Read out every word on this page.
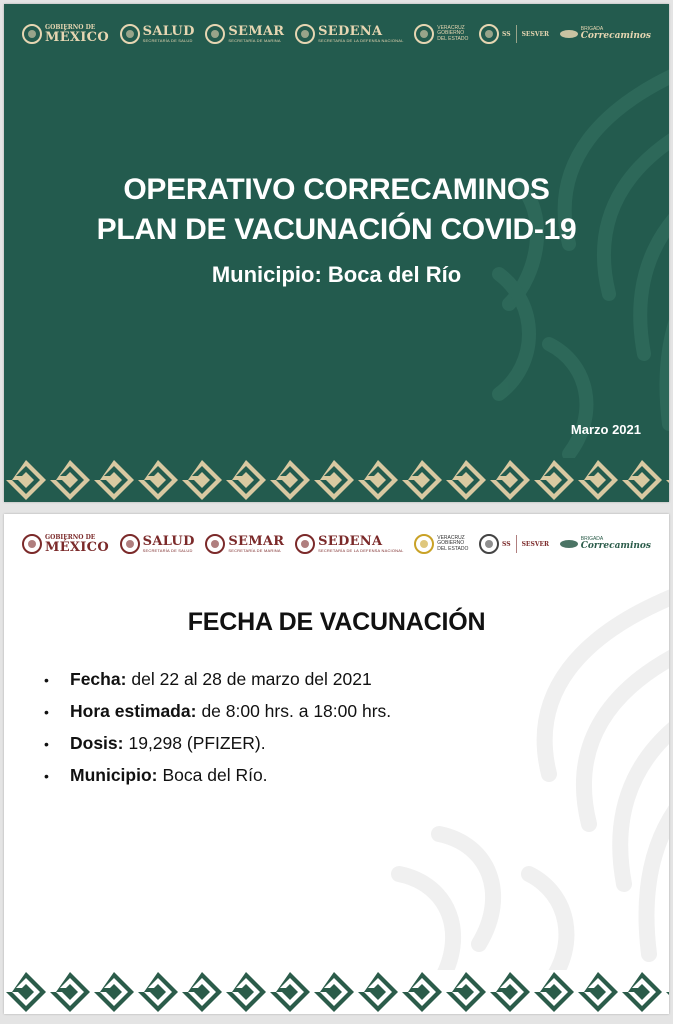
GOBIERNO DE
MÉXICO	SALUD
SECRETARÍA DE SALUD
SEMAR
SECRETARÍA DE MARINA
SEDENA
SECRETARÍA DE LA DEFENSA NACIONAL
VERACRUZ
GOBIERNO
DEL ESTADO
SS SESVER
BRIGADA
Correcaminos
OPERATIVO CORRECAMINOS
PLAN DE VACUNACIÓN COVID-19
Municipio: Boca del Río
Marzo 2021
GOBIERNO DE
MÉXICO	SALUD
SECRETARÍA DE SALUD
SEMAR
SECRETARÍA DE MARINA
SEDENA
SECRETARÍA DE LA DEFENSA NACIONAL
VERACRUZ
GOBIERNO
DEL ESTADO
SS SESVER
BRIGADA
Correcaminos
FECHA DE VACUNACIÓN
•	Fecha: del 22 al 28 de marzo del 2021
•	Hora estimada: de 8:00 hrs. a 18:00 hrs.
•	Dosis: 19,298 (PFIZER).
•	Municipio: Boca del Río.
